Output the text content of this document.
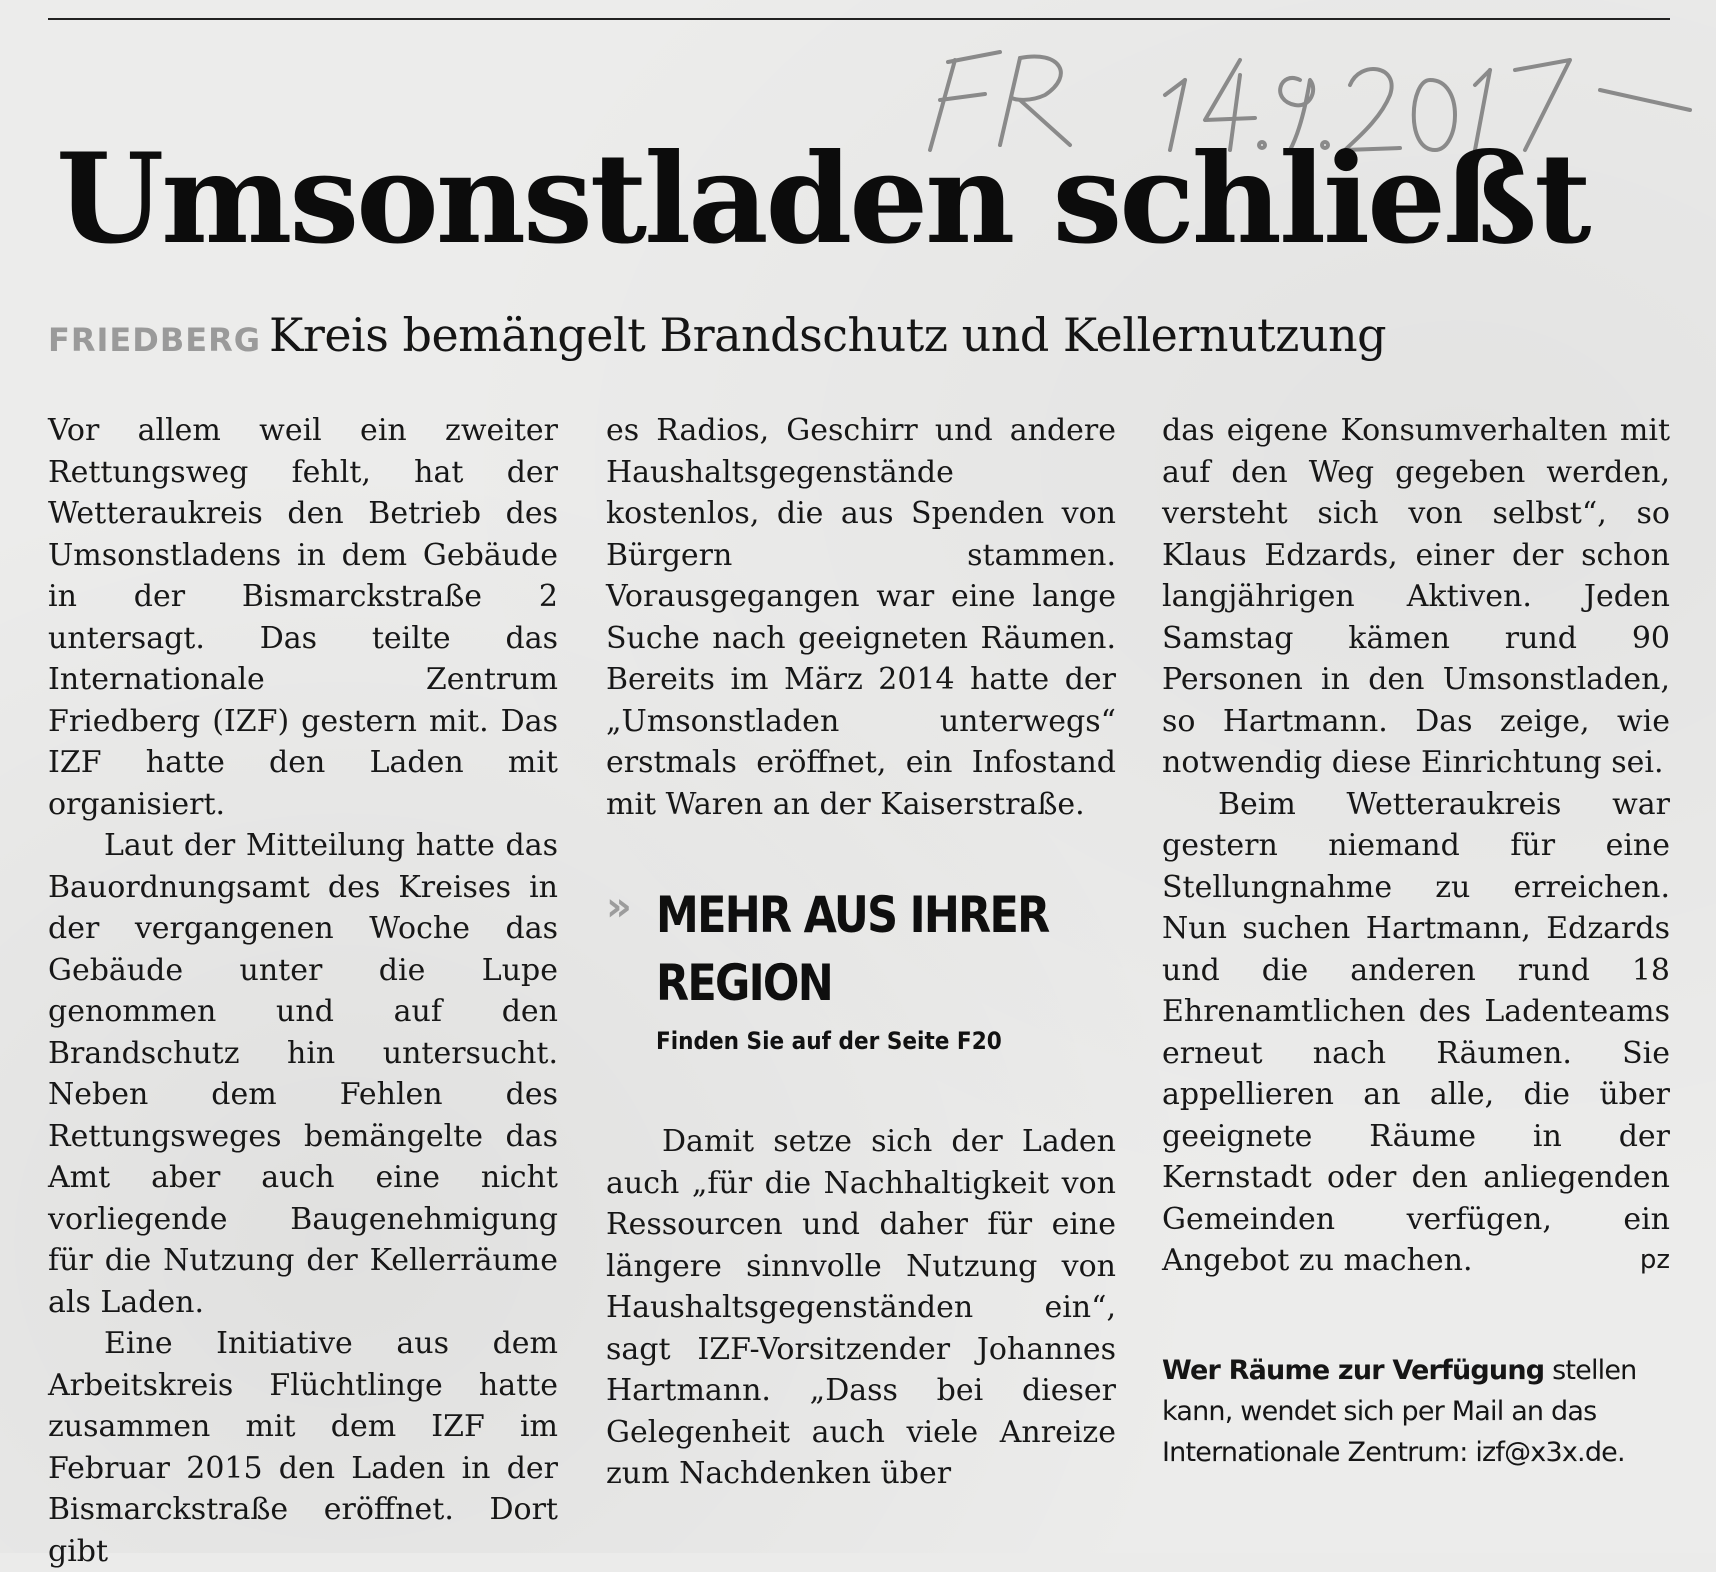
Umsonstladen schließt
FRIEDBERG Kreis bemängelt Brandschutz und Kellernutzung

Vor allem weil ein zweiter Rettungsweg fehlt, hat der Wetteraukreis den Betrieb des Umsonstladens in dem Gebäude in der Bismarckstraße 2 untersagt. Das teilte das Internationale Zentrum Friedberg (IZF) gestern mit. Das IZF hatte den Laden mit organisiert.

Laut der Mitteilung hatte das Bauordnungsamt des Kreises in der vergangenen Woche das Gebäude unter die Lupe genommen und auf den Brandschutz hin untersucht. Neben dem Fehlen des Rettungsweges bemängelte das Amt aber auch eine nicht vorliegende Baugenehmigung für die Nutzung der Kellerräume als Laden.

Eine Initiative aus dem Arbeitskreis Flüchtlinge hatte zusammen mit dem IZF im Februar 2015 den Laden in der Bismarckstraße eröffnet. Dort gibt

es Radios, Geschirr und andere Haushaltsgegenstände kostenlos, die aus Spenden von Bürgern stammen. Vorausgegangen war eine lange Suche nach geeigneten Räumen. Bereits im März 2014 hatte der „Umsonstladen unterwegs“ erstmals eröffnet, ein Infostand mit Waren an der Kaiserstraße.

» MEHR AUS IHRER REGION
Finden Sie auf der Seite F20

Damit setze sich der Laden auch „für die Nachhaltigkeit von Ressourcen und daher für eine längere sinnvolle Nutzung von Haushaltsgegenständen ein“, sagt IZF-Vorsitzender Johannes Hartmann. „Dass bei dieser Gelegenheit auch viele Anreize zum Nachdenken über

das eigene Konsumverhalten mit auf den Weg gegeben werden, versteht sich von selbst“, so Klaus Edzards, einer der schon langjährigen Aktiven. Jeden Samstag kämen rund 90 Personen in den Umsonstladen, so Hartmann. Das zeige, wie notwendig diese Einrichtung sei.

Beim Wetteraukreis war gestern niemand für eine Stellungnahme zu erreichen. Nun suchen Hartmann, Edzards und die anderen rund 18 Ehrenamtlichen des Ladenteams erneut nach Räumen. Sie appellieren an alle, die über geeignete Räume in der Kernstadt oder den anliegenden Gemeinden verfügen, ein Angebot zu machen.	pz

Wer Räume zur Verfügung stellen kann, wendet sich per Mail an das Internationale Zentrum: izf@x3x.de.
